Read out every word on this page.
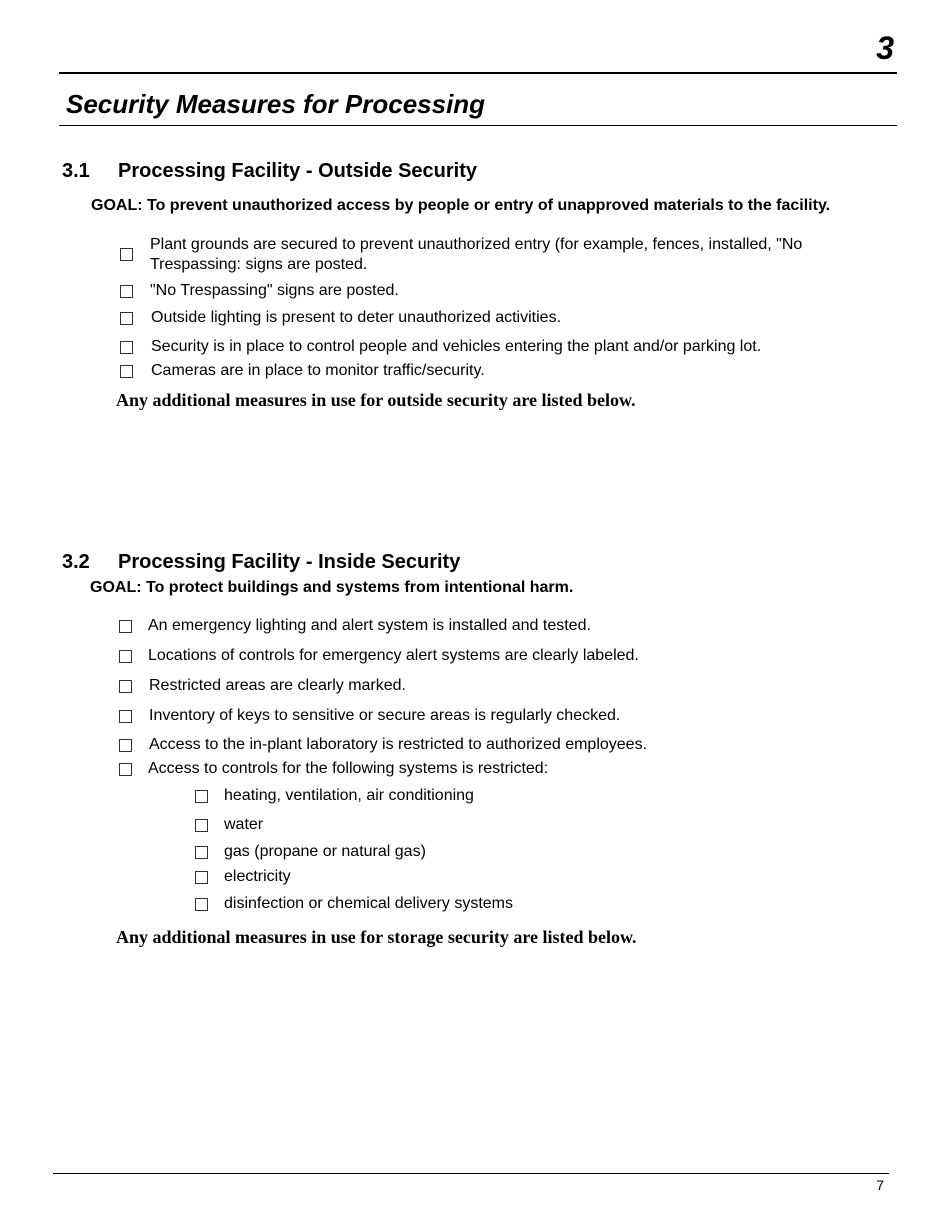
3
Security Measures for Processing
3.1 Processing Facility - Outside Security
GOAL: To prevent unauthorized access by people or entry of unapproved materials to the facility.
Plant grounds are secured to prevent unauthorized entry (for example, fences, installed, "No Trespassing: signs are posted.
"No Trespassing" signs are posted.
Outside lighting is present to deter unauthorized activities.
Security is in place to control people and vehicles entering the plant and/or parking lot.
Cameras are in place to monitor traffic/security.
Any additional measures in use for outside security are listed below.
3.2 Processing Facility - Inside Security
GOAL: To protect buildings and systems from intentional harm.
An emergency lighting and alert system is installed and tested.
Locations of controls for emergency alert systems are clearly labeled.
Restricted areas are clearly marked.
Inventory of keys to sensitive or secure areas is regularly checked.
Access to the in-plant laboratory is restricted to authorized employees.
Access to controls for the following systems is restricted:
heating, ventilation, air conditioning
water
gas (propane or natural gas)
electricity
disinfection or chemical delivery systems
Any additional measures in use for storage security are listed below.
7
